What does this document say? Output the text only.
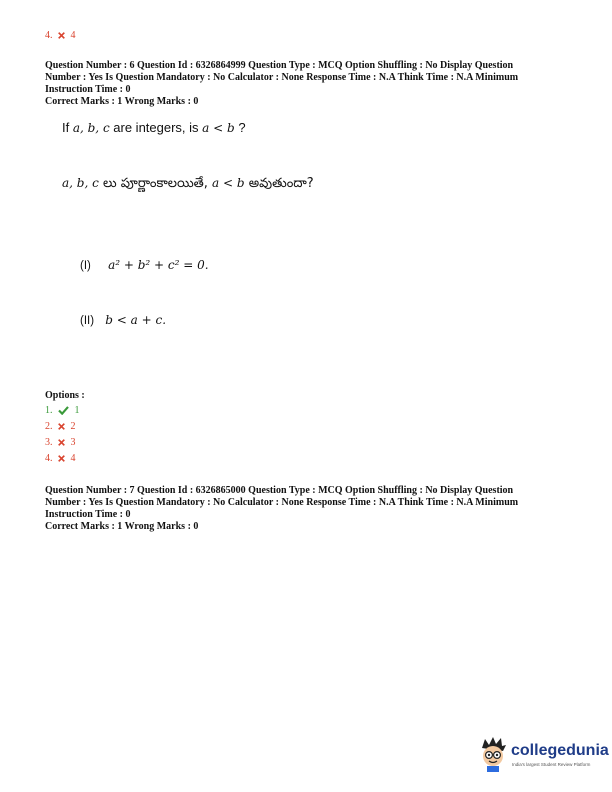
4. 4
Question Number : 6 Question Id : 6326864999 Question Type : MCQ Option Shuffling : No Display Question
Number : Yes Is Question Mandatory : No Calculator : None Response Time : N.A Think Time : N.A Minimum
Instruction Time : 0
Correct Marks : 1 Wrong Marks : 0
If a, b, c are integers, is a < b ?
a, b, c లు పూర్ణాంకాలయితే, a < b అవుతుందా?
(I) a² + b² + c² = 0.
(II) b < a + c.
Options :
1. 1
2. 2
3. 3
4. 4
Question Number : 7 Question Id : 6326865000 Question Type : MCQ Option Shuffling : No Display Question
Number : Yes Is Question Mandatory : No Calculator : None Response Time : N.A Think Time : N.A Minimum
Instruction Time : 0
Correct Marks : 1 Wrong Marks : 0
collegedunia
India's largest Student Review Platform
